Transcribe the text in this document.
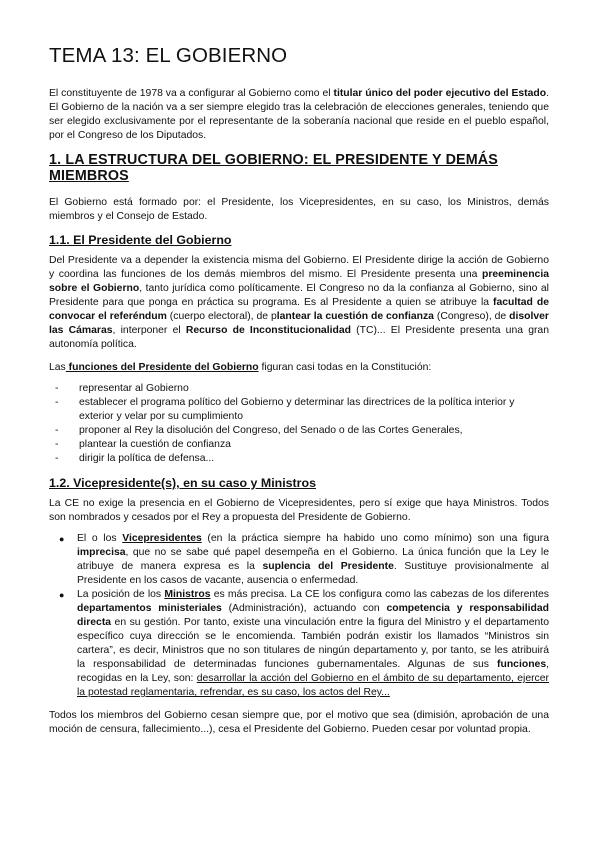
TEMA 13: EL GOBIERNO

El constituyente de 1978 va a configurar al Gobierno como el titular único del poder ejecutivo del Estado. El Gobierno de la nación va a ser siempre elegido tras la celebración de elecciones generales, teniendo que ser elegido exclusivamente por el representante de la soberanía nacional que reside en el pueblo español, por el Congreso de los Diputados.

1. LA ESTRUCTURA DEL GOBIERNO: EL PRESIDENTE Y DEMÁS MIEMBROS

El Gobierno está formado por: el Presidente, los Vicepresidentes, en su caso, los Ministros, demás miembros y el Consejo de Estado.

1.1. El Presidente del Gobierno

Del Presidente va a depender la existencia misma del Gobierno. El Presidente dirige la acción de Gobierno y coordina las funciones de los demás miembros del mismo. El Presidente presenta una preeminencia sobre el Gobierno, tanto jurídica como políticamente. El Congreso no da la confianza al Gobierno, sino al Presidente para que ponga en práctica su programa. Es al Presidente a quien se atribuye la facultad de convocar el referéndum (cuerpo electoral), de plantear la cuestión de confianza (Congreso), de disolver las Cámaras, interponer el Recurso de Inconstitucionalidad (TC)... El Presidente presenta una gran autonomía política.

Las funciones del Presidente del Gobierno figuran casi todas en la Constitución:

- representar al Gobierno
- establecer el programa político del Gobierno y determinar las directrices de la política interior y exterior y velar por su cumplimiento
- proponer al Rey la disolución del Congreso, del Senado o de las Cortes Generales,
- plantear la cuestión de confianza
- dirigir la política de defensa...
1.2. Vicepresidente(s), en su caso y Ministros

La CE no exige la presencia en el Gobierno de Vicepresidentes, pero sí exige que haya Ministros. Todos son nombrados y cesados por el Rey a propuesta del Presidente de Gobierno.

● El o los Vicepresidentes (en la práctica siempre ha habido uno como mínimo) son una figura imprecisa, que no se sabe qué papel desempeña en el Gobierno. La única función que la Ley le atribuye de manera expresa es la suplencia del Presidente. Sustituye provisionalmente al Presidente en los casos de vacante, ausencia o enfermedad.
● La posición de los Ministros es más precisa. La CE los configura como las cabezas de los diferentes departamentos ministeriales (Administración), actuando con competencia y responsabilidad directa en su gestión. Por tanto, existe una vinculación entre la figura del Ministro y el departamento específico cuya dirección se le encomienda. También podrán existir los llamados “Ministros sin cartera”, es decir, Ministros que no son titulares de ningún departamento y, por tanto, se les atribuirá la responsabilidad de determinadas funciones gubernamentales. Algunas de sus funciones, recogidas en la Ley, son: desarrollar la acción del Gobierno en el ámbito de su departamento, ejercer la potestad reglamentaria, refrendar, es su caso, los actos del Rey...

Todos los miembros del Gobierno cesan siempre que, por el motivo que sea (dimisión, aprobación de una moción de censura, fallecimiento...), cesa el Presidente del Gobierno. Pueden cesar por voluntad propia.
